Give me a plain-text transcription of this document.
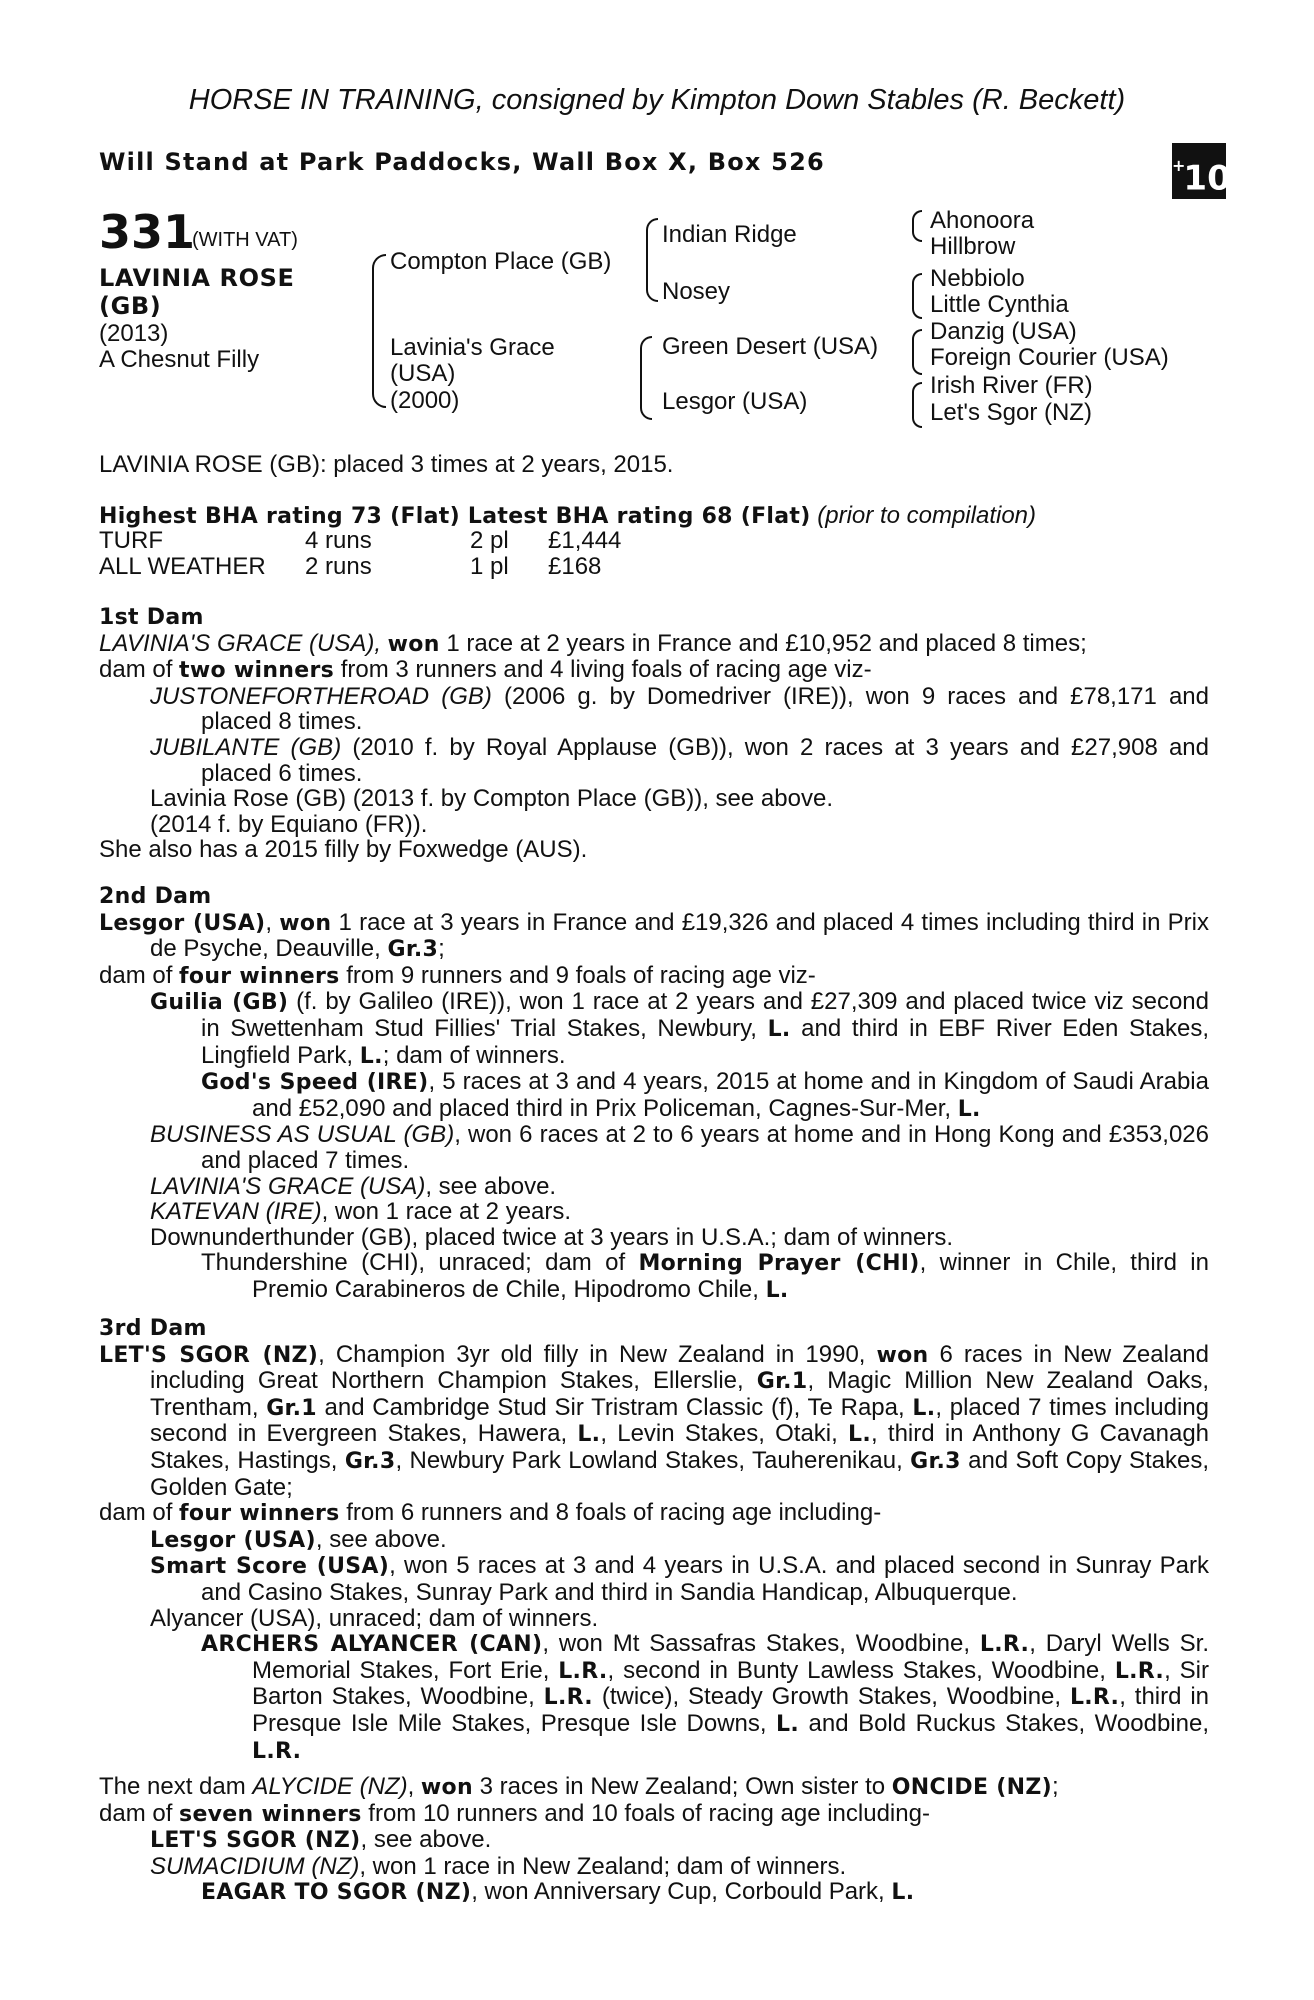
HORSE IN TRAINING, consigned by Kimpton Down Stables (R. Beckett)
Will Stand at Park Paddocks, Wall Box X, Box 526	+10
331
(WITH VAT)
LAVINIA ROSE
(GB)
(2013)
A Chesnut Filly
Compton Place (GB)
Lavinia's Grace
(USA)
(2000)
Indian Ridge
Nosey
Green Desert (USA)
Lesgor (USA)
Ahonoora
Hillbrow
Nebbiolo
Little Cynthia
Danzig (USA)
Foreign Courier (USA)
Irish River (FR)
Let's Sgor (NZ)
LAVINIA ROSE (GB): placed 3 times at 2 years, 2015.
Highest BHA rating 73 (Flat) Latest BHA rating 68 (Flat) (prior to compilation)
TURF	4 runs	2 pl	£1,444
ALL WEATHER	2 runs	1 pl	£168
1st Dam
LAVINIA'S GRACE (USA), won 1 race at 2 years in France and £10,952 and placed 8 times;
dam of two winners from 3 runners and 4 living foals of racing age viz-
JUSTONEFORTHEROAD (GB) (2006 g. by Domedriver (IRE)), won 9 races and £78,171 and placed 8 times.
JUBILANTE (GB) (2010 f. by Royal Applause (GB)), won 2 races at 3 years and £27,908 and placed 6 times.
Lavinia Rose (GB) (2013 f. by Compton Place (GB)), see above.
(2014 f. by Equiano (FR)).
She also has a 2015 filly by Foxwedge (AUS).
2nd Dam
Lesgor (USA), won 1 race at 3 years in France and £19,326 and placed 4 times including third in Prix de Psyche, Deauville, Gr.3;
dam of four winners from 9 runners and 9 foals of racing age viz-
Guilia (GB) (f. by Galileo (IRE)), won 1 race at 2 years and £27,309 and placed twice viz second in Swettenham Stud Fillies' Trial Stakes, Newbury, L. and third in EBF River Eden Stakes, Lingfield Park, L.; dam of winners.
God's Speed (IRE), 5 races at 3 and 4 years, 2015 at home and in Kingdom of Saudi Arabia and £52,090 and placed third in Prix Policeman, Cagnes-Sur-Mer, L.
BUSINESS AS USUAL (GB), won 6 races at 2 to 6 years at home and in Hong Kong and £353,026 and placed 7 times.
LAVINIA'S GRACE (USA), see above.
KATEVAN (IRE), won 1 race at 2 years.
Downunderthunder (GB), placed twice at 3 years in U.S.A.; dam of winners.
Thundershine (CHI), unraced; dam of Morning Prayer (CHI), winner in Chile, third in Premio Carabineros de Chile, Hipodromo Chile, L.
3rd Dam
LET'S SGOR (NZ), Champion 3yr old filly in New Zealand in 1990, won 6 races in New Zealand including Great Northern Champion Stakes, Ellerslie, Gr.1, Magic Million New Zealand Oaks, Trentham, Gr.1 and Cambridge Stud Sir Tristram Classic (f), Te Rapa, L., placed 7 times including second in Evergreen Stakes, Hawera, L., Levin Stakes, Otaki, L., third in Anthony G Cavanagh Stakes, Hastings, Gr.3, Newbury Park Lowland Stakes, Tauherenikau, Gr.3 and Soft Copy Stakes, Golden Gate;
dam of four winners from 6 runners and 8 foals of racing age including-
Lesgor (USA), see above.
Smart Score (USA), won 5 races at 3 and 4 years in U.S.A. and placed second in Sunray Park and Casino Stakes, Sunray Park and third in Sandia Handicap, Albuquerque.
Alyancer (USA), unraced; dam of winners.
ARCHERS ALYANCER (CAN), won Mt Sassafras Stakes, Woodbine, L.R., Daryl Wells Sr. Memorial Stakes, Fort Erie, L.R., second in Bunty Lawless Stakes, Woodbine, L.R., Sir Barton Stakes, Woodbine, L.R. (twice), Steady Growth Stakes, Woodbine, L.R., third in Presque Isle Mile Stakes, Presque Isle Downs, L. and Bold Ruckus Stakes, Woodbine, L.R.
The next dam ALYCIDE (NZ), won 3 races in New Zealand; Own sister to ONCIDE (NZ);
dam of seven winners from 10 runners and 10 foals of racing age including-
LET'S SGOR (NZ), see above.
SUMACIDIUM (NZ), won 1 race in New Zealand; dam of winners.
EAGAR TO SGOR (NZ), won Anniversary Cup, Corbould Park, L.
